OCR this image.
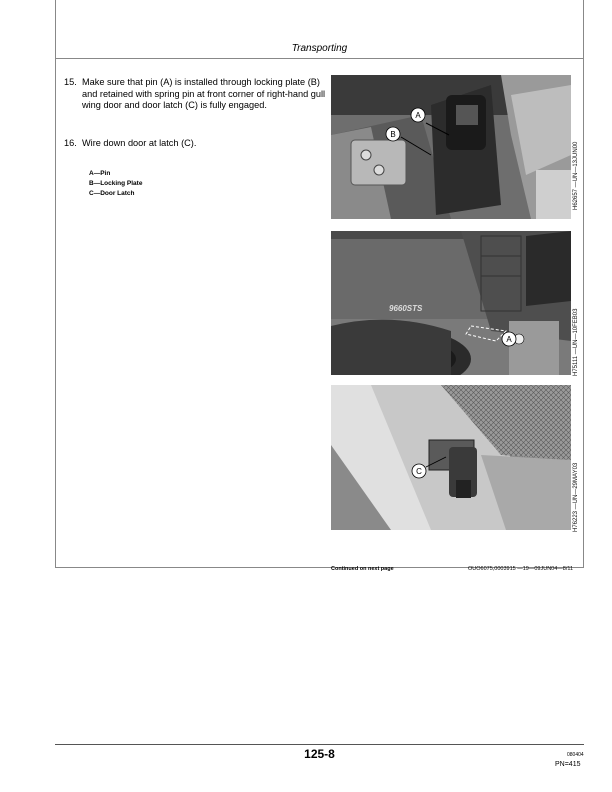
Transporting
15. Make sure that pin (A) is installed through locking plate (B) and retained with spring pin at front corner of right-hand gull wing door and door latch (C) is fully engaged.
16. Wire down door at latch (C).
A—Pin
B—Locking Plate
C—Door Latch
A
B
H62657 —UN—13JUN00
9660STS
A	H75111 —UN—10FEB03
C	H76223 —UN—29MAY03
Continued on next page	OUO6075,0003915 —19—09JUN04—8/11
125-8	080404
PN=415
